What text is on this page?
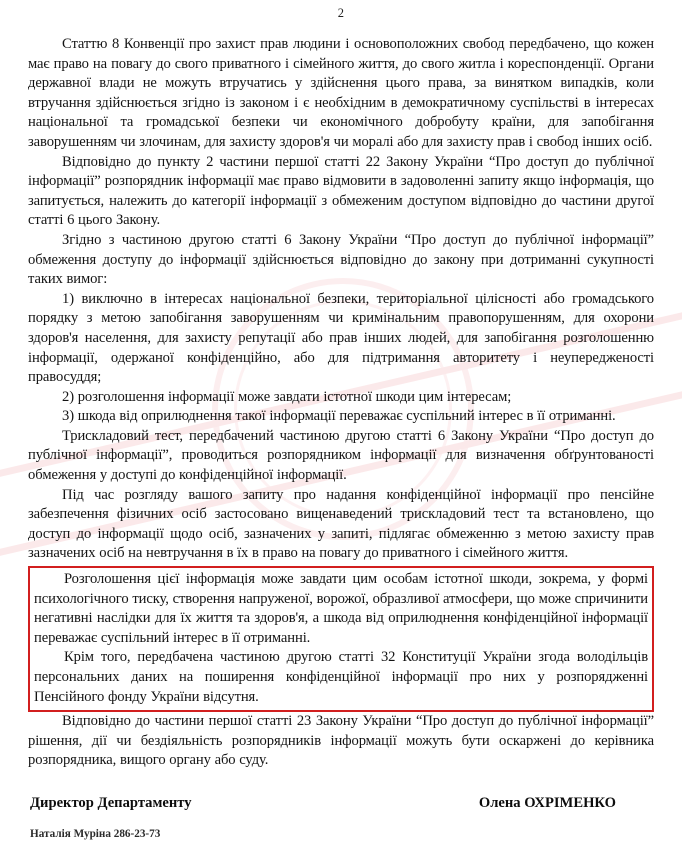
2

Статтю 8 Конвенції про захист прав людини і основоположних свобод передбачено, що кожен має право на повагу до свого приватного і сімейного життя, до свого житла і кореспонденції. Органи державної влади не можуть втручатись у здійснення цього права, за винятком випадків, коли втручання здійснюється згідно із законом і є необхідним в демократичному суспільстві в інтересах національної та громадської безпеки чи економічного добробуту країни, для запобігання заворушенням чи злочинам, для захисту здоров'я чи моралі або для захисту прав і свобод інших осіб.

Відповідно до пункту 2 частини першої статті 22 Закону України “Про доступ до публічної інформації” розпорядник інформації має право відмовити в задоволенні запиту якщо інформація, що запитується, належить до категорії інформації з обмеженим доступом відповідно до частини другої статті 6 цього Закону.

Згідно з частиною другою статті 6 Закону України “Про доступ до публічної інформації” обмеження доступу до інформації здійснюється відповідно до закону при дотриманні сукупності таких вимог:

1) виключно в інтересах національної безпеки, територіальної цілісності або громадського порядку з метою запобігання заворушенням чи кримінальним правопорушенням, для охорони здоров'я населення, для захисту репутації або прав інших людей, для запобігання розголошенню інформації, одержаної конфіденційно, або для підтримання авторитету і неупередженості правосуддя;

2) розголошення інформації може завдати істотної шкоди цим інтересам;

3) шкода від оприлюднення такої інформації переважає суспільний інтерес в її отриманні.

Трискладовий тест, передбачений частиною другою статті 6 Закону України “Про доступ до публічної інформації”, проводиться розпорядником інформації для визначення обґрунтованості обмеження у доступі до конфіденційної інформації.

Під час розгляду вашого запиту про надання конфіденційної інформації про пенсійне забезпечення фізичних осіб застосовано вищенаведений трискладовий тест та встановлено, що доступ до інформації щодо осіб, зазначених у запиті, підлягає обмеженню з метою захисту прав зазначених осіб на невтручання в їх в право на повагу до приватного і сімейного життя.

Розголошення цієї інформація може завдати цим особам істотної шкоди, зокрема, у формі психологічного тиску, створення напруженої, ворожої, образливої атмосфери, що може спричинити негативні наслідки для їх життя та здоров'я, а шкода від оприлюднення конфіденційної інформації переважає суспільний інтерес в її отриманні.

Крім того, передбачена частиною другою статті 32 Конституції України згода володільців персональних даних на поширення конфіденційної інформації про них у розпорядженні Пенсійного фонду України відсутня.

Відповідно до частини першої статті 23 Закону України “Про доступ до публічної інформації” рішення, дії чи бездіяльність розпорядників інформації можуть бути оскаржені до керівника розпорядника, вищого органу або суду.

Директор Департаменту	Олена ОХРІМЕНКО
Наталія Муріна 286-23-73
